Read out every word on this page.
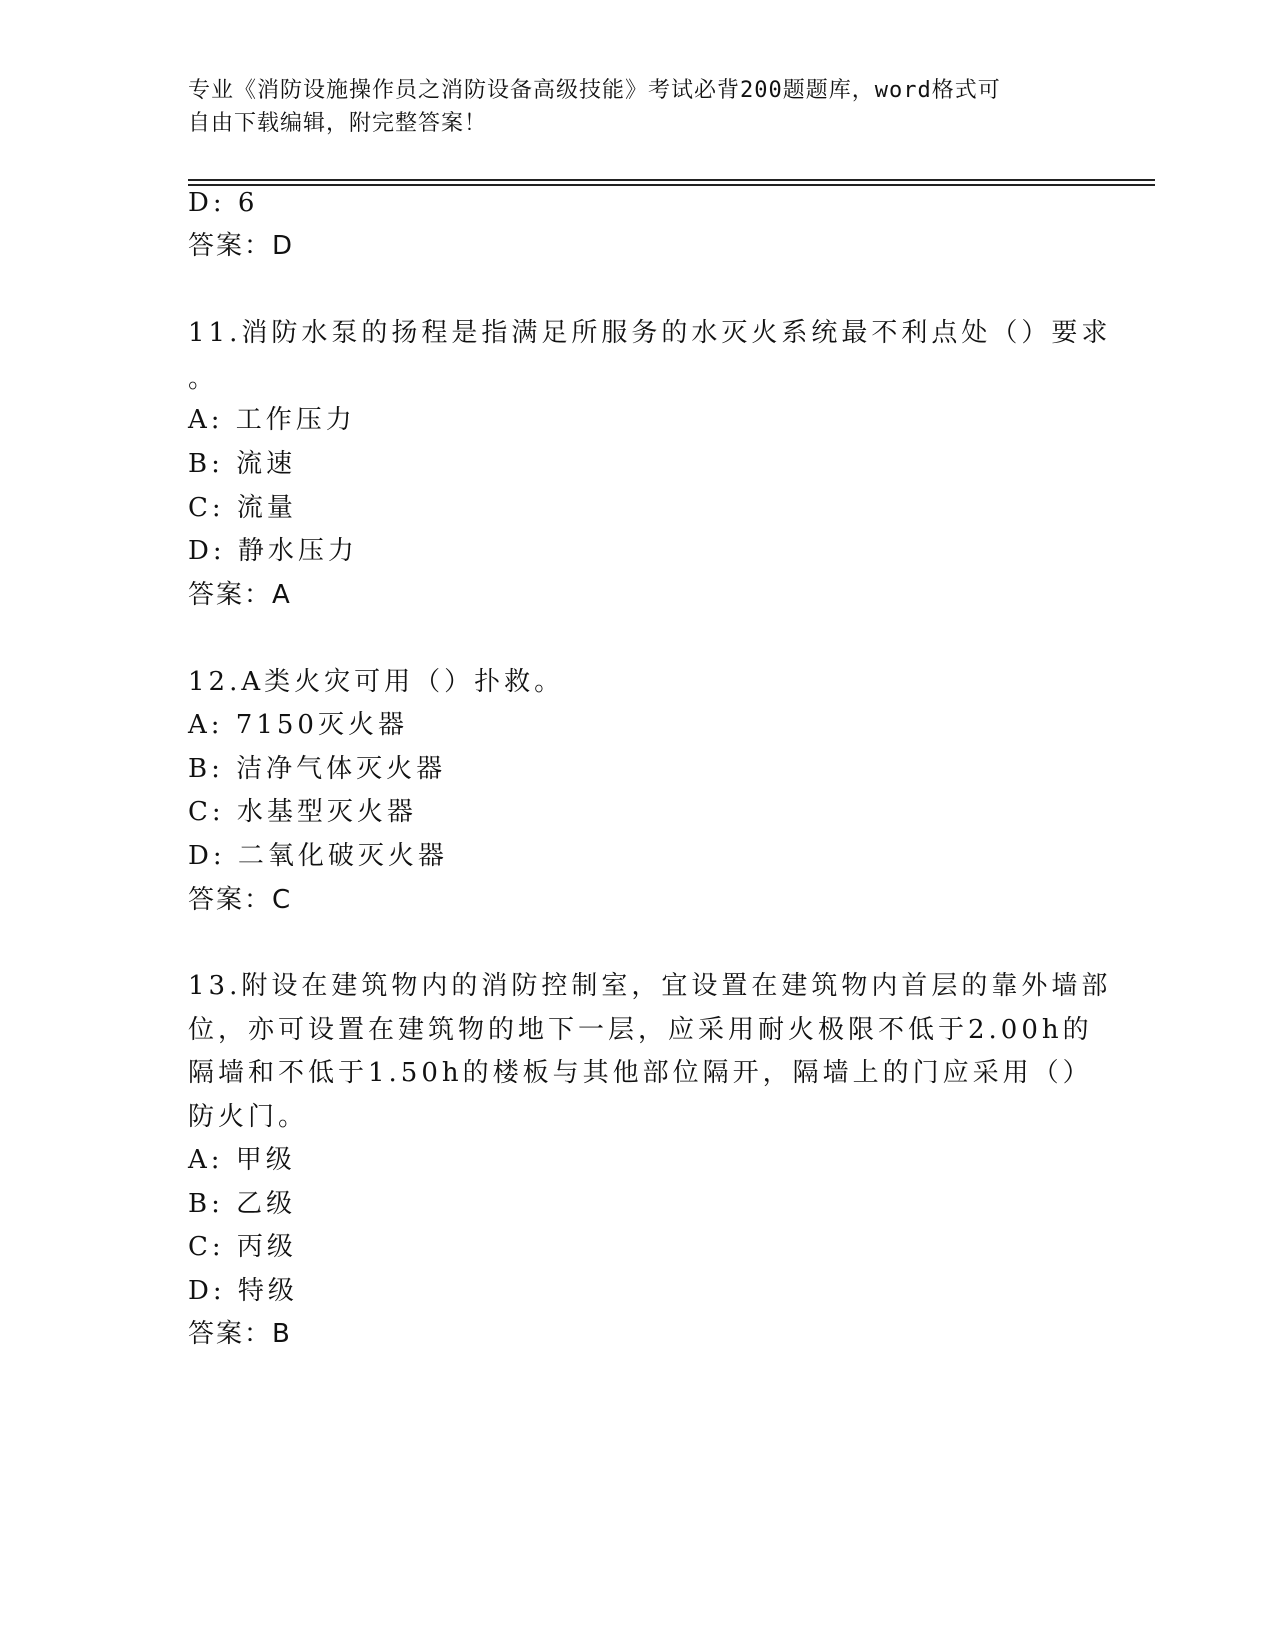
专业《消防设施操作员之消防设备高级技能》考试必背200题题库，word格式可
自由下载编辑，附完整答案！
D: 6
答案：D
11.消防水泵的扬程是指满足所服务的水灭火系统最不利点处（）要求
。
A: 工作压力
B: 流速
C: 流量
D: 静水压力
答案：A
12.A类火灾可用（）扑救。
A: 7150灭火器
B: 洁净气体灭火器
C: 水基型灭火器
D: 二氧化破灭火器
答案：C
13.附设在建筑物内的消防控制室，宜设置在建筑物内首层的靠外墙部
位，亦可设置在建筑物的地下一层，应采用耐火极限不低于2.00h的
隔墙和不低于1.50h的楼板与其他部位隔开，隔墙上的门应采用（）
防火门。
A: 甲级
B: 乙级
C: 丙级
D: 特级
答案：B
